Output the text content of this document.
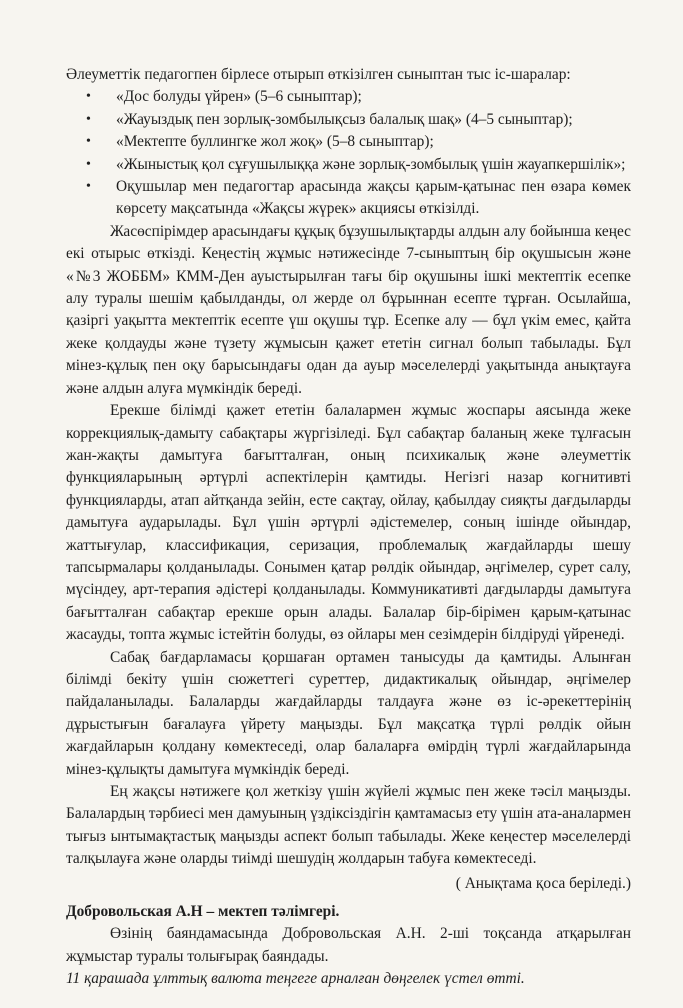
Әлеуметтік педагогпен бірлесе отырып өткізілген сыныптан тыс іс-шаралар:

• «Дос болуды үйрен» (5–6 сыныптар);
• «Жауыздық пен зорлық-зомбылықсыз балалық шақ» (4–5 сыныптар);
• «Мектепте буллингке жол жоқ» (5–8 сыныптар);
• «Жыныстық қол сұғушылыққа және зорлық-зомбылық үшін жауапкершілік»;
• Оқушылар мен педагогтар арасында жақсы қарым-қатынас пен өзара көмек көрсету мақсатында «Жақсы жүрек» акциясы өткізілді.

Жасөспірімдер арасындағы құқық бұзушылықтарды алдын алу бойынша кеңес екі отырыс өткізді. Кеңестің жұмыс нәтижесінде 7-сыныптың бір оқушысын және «№3 ЖОББМ» КММ-Ден ауыстырылған тағы бір оқушыны ішкі мектептік есепке алу туралы шешім қабылданды, ол жерде ол бұрыннан есепте тұрған. Осылайша, қазіргі уақытта мектептік есепте үш оқушы тұр. Есепке алу — бұл үкім емес, қайта жеке қолдауды және түзету жұмысын қажет ететін сигнал болып табылады. Бұл мінез-құлық пен оқу барысындағы одан да ауыр мәселелерді уақытында анықтауға және алдын алуға мүмкіндік береді.

Ерекше білімді қажет ететін балалармен жұмыс жоспары аясында жеке коррекциялық-дамыту сабақтары жүргізіледі. Бұл сабақтар баланың жеке тұлғасын жан-жақты дамытуға бағытталған, оның психикалық және әлеуметтік функцияларының әртүрлі аспектілерін қамтиды. Негізгі назар когнитивті функцияларды, атап айтқанда зейін, есте сақтау, ойлау, қабылдау сияқты дағдыларды дамытуға аударылады. Бұл үшін әртүрлі әдістемелер, соның ішінде ойындар, жаттығулар, классификация, серизация, проблемалық жағдайларды шешу тапсырмалары қолданылады. Сонымен қатар рөлдік ойындар, әңгімелер, сурет салу, мүсіндеу, арт-терапия әдістері қолданылады. Коммуникативті дағдыларды дамытуға бағытталған сабақтар ерекше орын алады. Балалар бір-бірімен қарым-қатынас жасауды, топта жұмыс істейтін болуды, өз ойлары мен сезімдерін білдіруді үйренеді.

Сабақ бағдарламасы қоршаған ортамен танысуды да қамтиды. Алынған білімді бекіту үшін сюжеттегі суреттер, дидактикалық ойындар, әңгімелер пайдаланылады. Балаларды жағдайларды талдауға және өз іс-әрекеттерінің дұрыстығын бағалауға үйрету маңызды. Бұл мақсатқа түрлі рөлдік ойын жағдайларын қолдану көмектеседі, олар балаларға өмірдің түрлі жағдайларында мінез-құлықты дамытуға мүмкіндік береді.

Ең жақсы нәтижеге қол жеткізу үшін жүйелі жұмыс пен жеке тәсіл маңызды. Балалардың тәрбиесі мен дамуының үздіксіздігін қамтамасыз ету үшін ата-аналармен тығыз ынтымақтастық маңызды аспект болып табылады. Жеке кеңестер мәселелерді талқылауға және оларды тиімді шешудің жолдарын табуға көмектеседі.

( Анықтама қоса беріледі.)

Добровольская А.Н – мектеп тәлімгері.

Өзінің баяндамасында Добровольская А.Н. 2-ші тоқсанда атқарылған жұмыстар туралы толығырақ баяндады.

11 қарашада ұлттық валюта теңгеге арналған дөңгелек үстел өтті.
